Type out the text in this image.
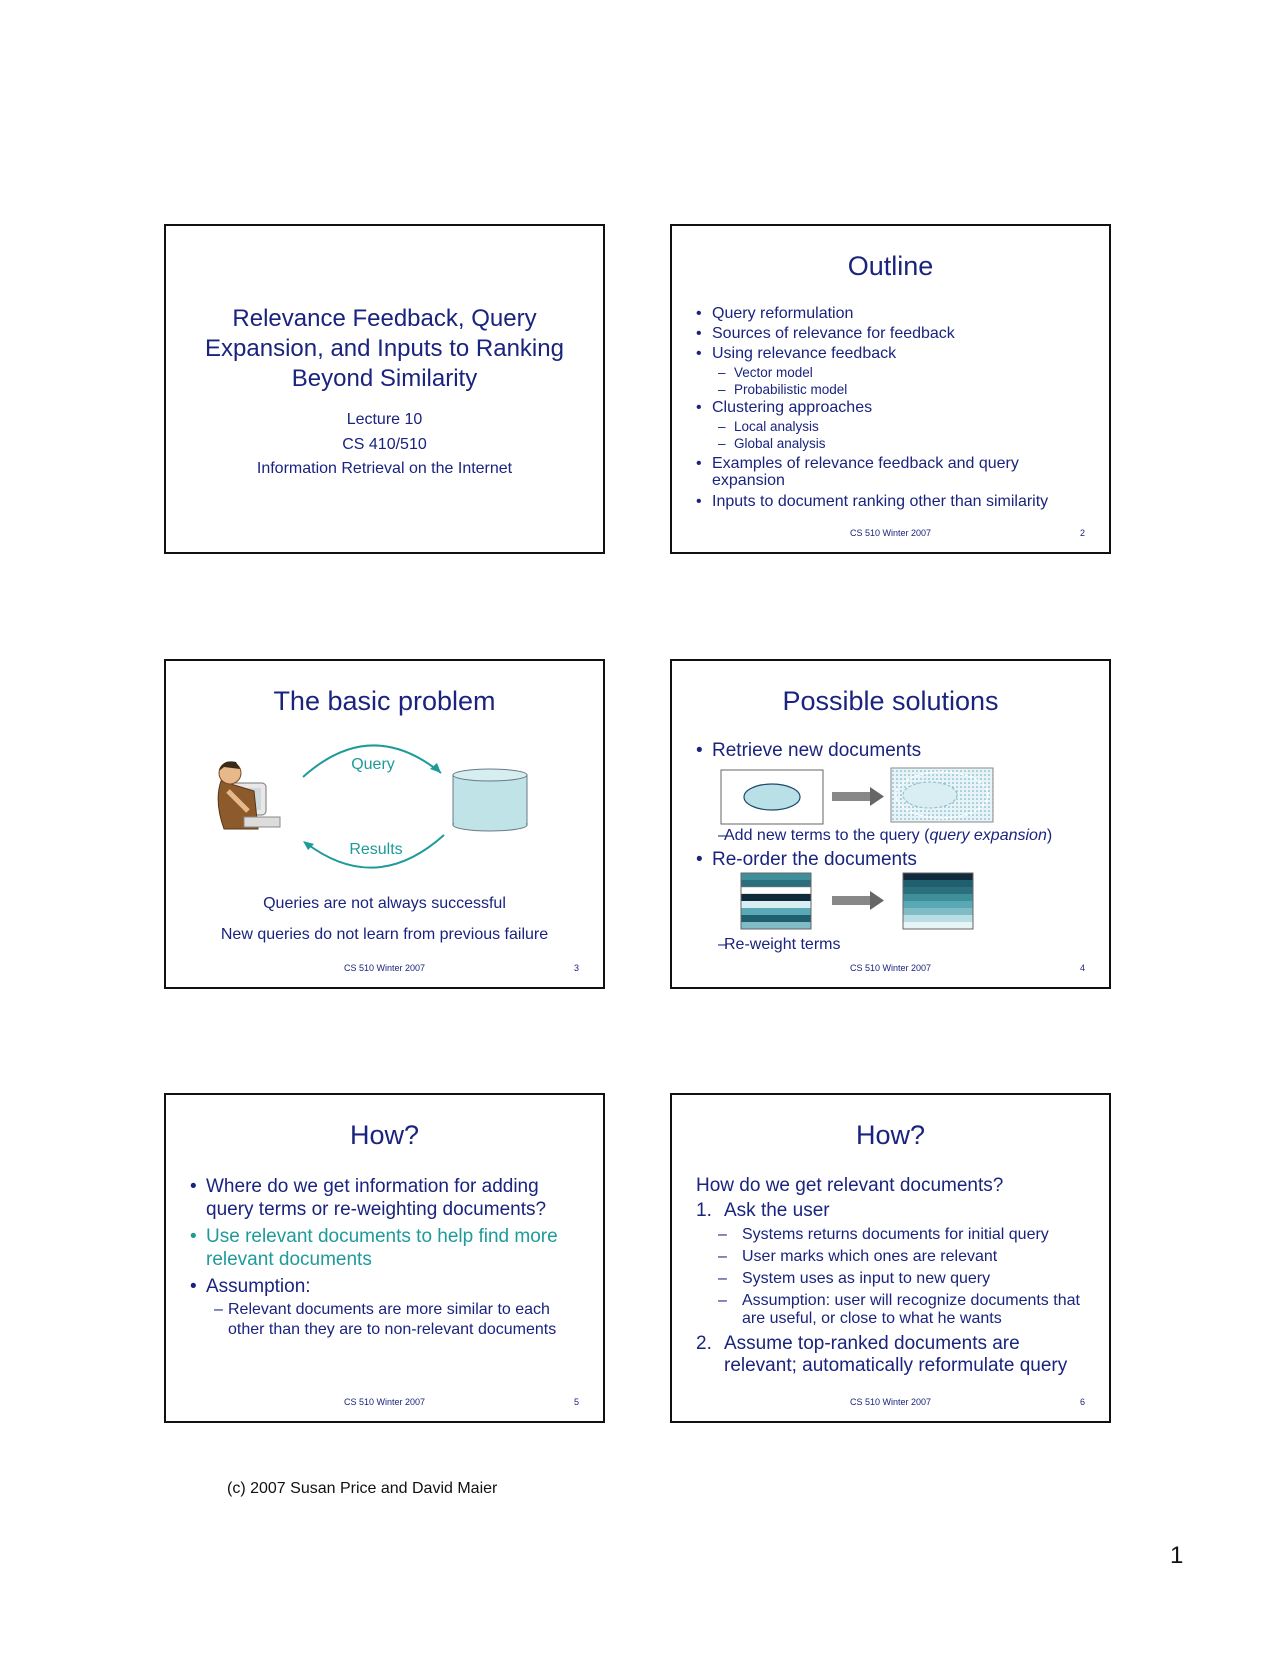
Relevance Feedback, Query Expansion, and Inputs to Ranking Beyond Similarity
Lecture 10
CS 410/510
Information Retrieval on the Internet
Outline
• Query reformulation
• Sources of relevance for feedback
• Using relevance feedback
– Vector model
– Probabilistic model
• Clustering approaches
– Local analysis
– Global analysis
• Examples of relevance feedback and query expansion
• Inputs to document ranking other than similarity
CS 510 Winter 2007	2
The basic problem
Query
Results
Queries are not always successful
New queries do not learn from previous failure
CS 510 Winter 2007	3
Possible solutions
• Retrieve new documents
– Add new terms to the query (query expansion)
• Re-order the documents
– Re-weight terms
CS 510 Winter 2007	4
How?
• Where do we get information for adding query terms or re-weighting documents?
• Use relevant documents to help find more relevant documents
• Assumption:
– Relevant documents are more similar to each other than they are to non-relevant documents
CS 510 Winter 2007	5
How?
How do we get relevant documents?
1. Ask the user
– Systems returns documents for initial query
– User marks which ones are relevant
– System uses as input to new query
– Assumption: user will recognize documents that are useful, or close to what he wants
2. Assume top-ranked documents are relevant; automatically reformulate query
CS 510 Winter 2007	6
(c) 2007 Susan Price and David Maier
1
